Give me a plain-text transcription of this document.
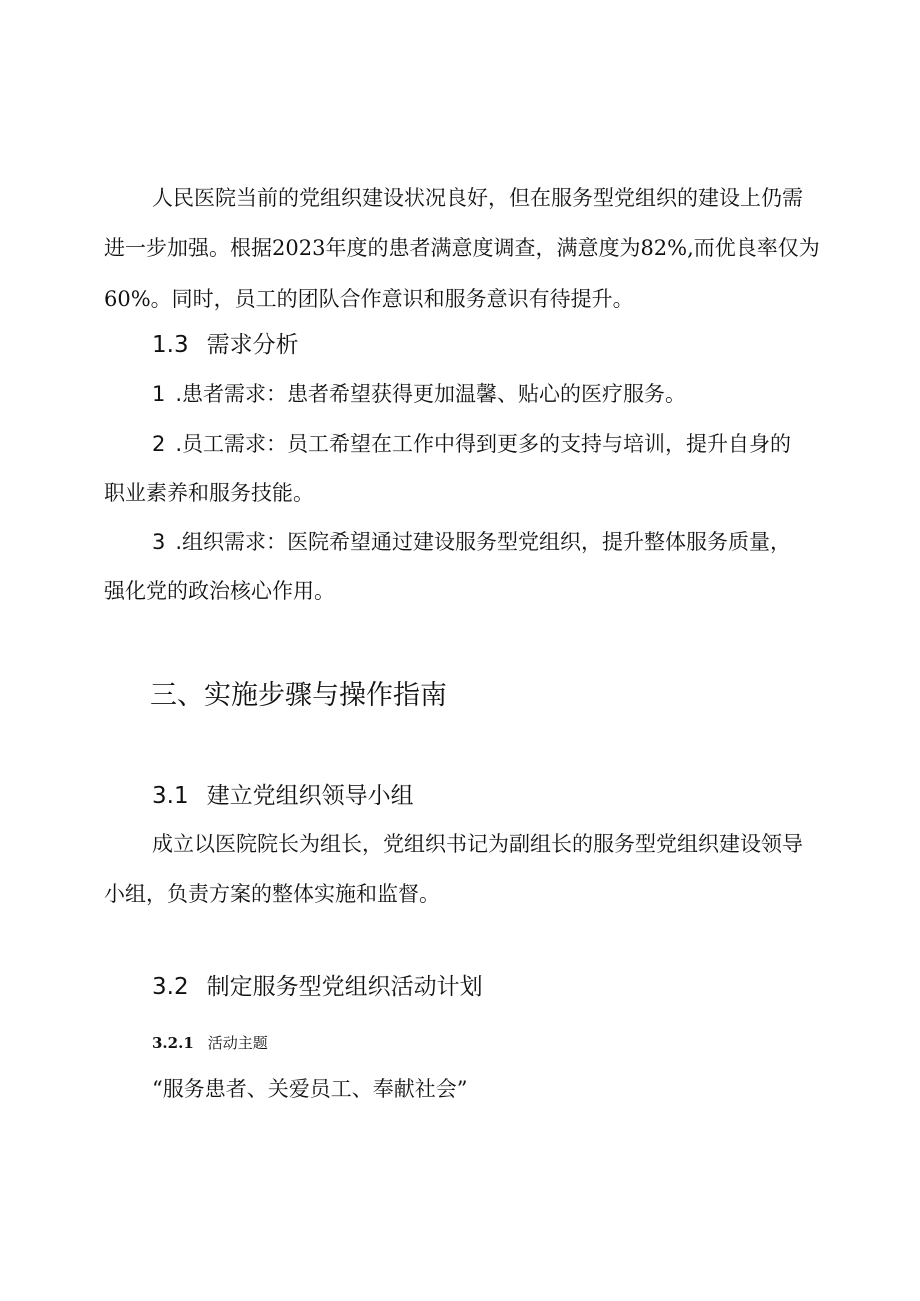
人民医院当前的党组织建设状况良好，但在服务型党组织的建设上仍需
进一步加强。根据2023年度的患者满意度调查，满意度为82%,而优良率仅为
60%。同时，员工的团队合作意识和服务意识有待提升。
1.3 需求分析
1 .患者需求：患者希望获得更加温馨、贴心的医疗服务。
2 .员工需求：员工希望在工作中得到更多的支持与培训，提升自身的
职业素养和服务技能。
3 .组织需求：医院希望通过建设服务型党组织，提升整体服务质量，
强化党的政治核心作用。
三、实施步骤与操作指南
3.1 建立党组织领导小组
成立以医院院长为组长，党组织书记为副组长的服务型党组织建设领导
小组，负责方案的整体实施和监督。
3.2 制定服务型党组织活动计划
3.2.1 活动主题
“服务患者、关爱员工、奉献社会”
